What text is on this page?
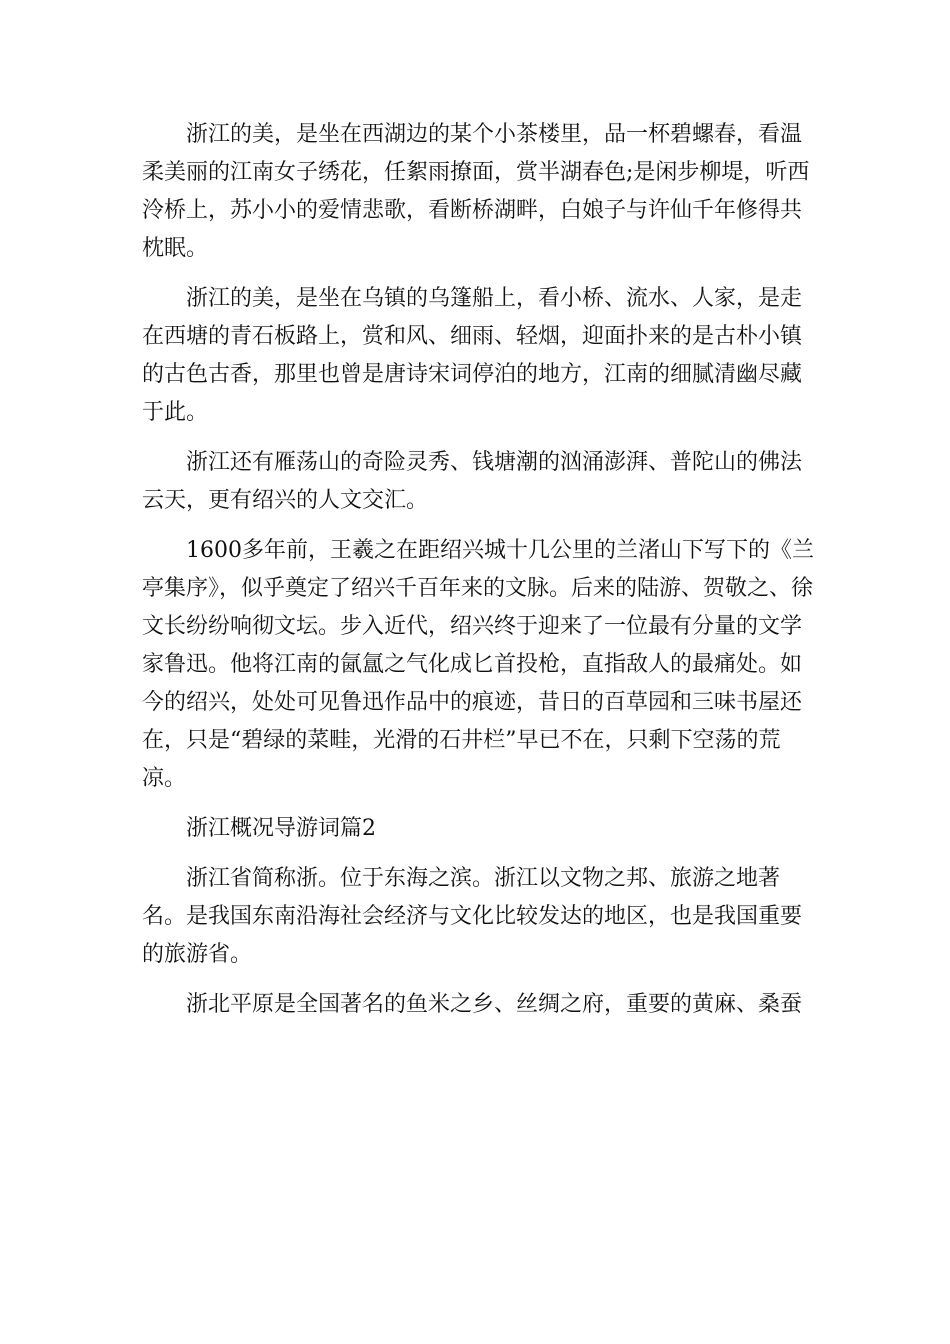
浙江的美，是坐在西湖边的某个小茶楼里，品一杯碧螺春，看温柔美丽的江南女子绣花，任絮雨撩面，赏半湖春色;是闲步柳堤，听西泠桥上，苏小小的爱情悲歌，看断桥湖畔，白娘子与许仙千年修得共枕眠。

浙江的美，是坐在乌镇的乌篷船上，看小桥、流水、人家，是走在西塘的青石板路上，赏和风、细雨、轻烟，迎面扑来的是古朴小镇的古色古香，那里也曾是唐诗宋词停泊的地方，江南的细腻清幽尽藏于此。

浙江还有雁荡山的奇险灵秀、钱塘潮的汹涌澎湃、普陀山的佛法云天，更有绍兴的人文交汇。

1600多年前，王羲之在距绍兴城十几公里的兰渚山下写下的《兰亭集序》，似乎奠定了绍兴千百年来的文脉。后来的陆游、贺敬之、徐文长纷纷响彻文坛。步入近代，绍兴终于迎来了一位最有分量的文学家鲁迅。他将江南的氤氲之气化成匕首投枪，直指敌人的最痛处。如今的绍兴，处处可见鲁迅作品中的痕迹，昔日的百草园和三味书屋还在，只是“碧绿的菜畦，光滑的石井栏”早已不在，只剩下空荡的荒凉。

浙江概况导游词篇2

浙江省简称浙。位于东海之滨。浙江以文物之邦、旅游之地著名。是我国东南沿海社会经济与文化比较发达的地区，也是我国重要的旅游省。

浙北平原是全国著名的鱼米之乡、丝绸之府，重要的黄麻、桑蚕
